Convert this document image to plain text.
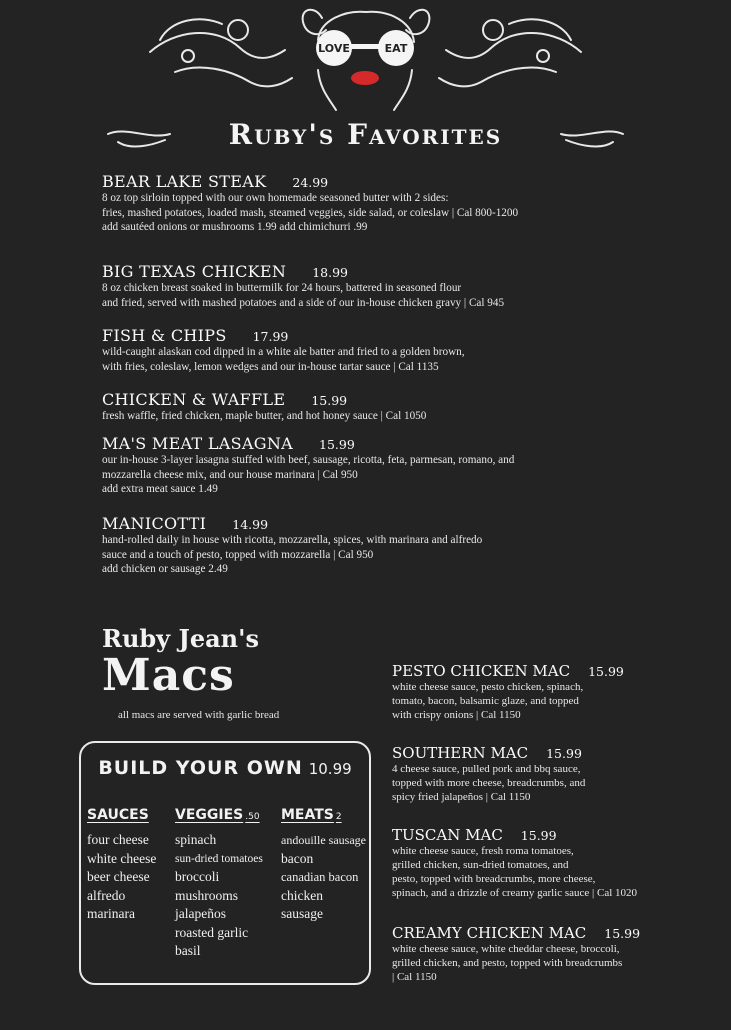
LOVE	EAT
Ruby's Favorites
BEAR LAKE STEAK 24.99
8 oz top sirloin topped with our own homemade seasoned butter with 2 sides:
fries, mashed potatoes, loaded mash, steamed veggies, side salad, or coleslaw | Cal 800-1200
add sautéed onions or mushrooms 1.99 add chimichurri .99
BIG TEXAS CHICKEN 18.99
8 oz chicken breast soaked in buttermilk for 24 hours, battered in seasoned flour
and fried, served with mashed potatoes and a side of our in-house chicken gravy | Cal 945
FISH & CHIPS 17.99
wild-caught alaskan cod dipped in a white ale batter and fried to a golden brown,
with fries, coleslaw, lemon wedges and our in-house tartar sauce | Cal 1135
CHICKEN & WAFFLE 15.99
fresh waffle, fried chicken, maple butter, and hot honey sauce | Cal 1050
MA'S MEAT LASAGNA 15.99
our in-house 3-layer lasagna stuffed with beef, sausage, ricotta, feta, parmesan, romano, and
mozzarella cheese mix, and our house marinara | Cal 950
add extra meat sauce 1.49
MANICOTTI 14.99
hand-rolled daily in house with ricotta, mozzarella, spices, with marinara and alfredo
sauce and a touch of pesto, topped with mozzarella | Cal 950
add chicken or sausage 2.49
Ruby Jean's
Macs
all macs are served with garlic bread
PESTO CHICKEN MAC 15.99
white cheese sauce, pesto chicken, spinach,
tomato, bacon, balsamic glaze, and topped
with crispy onions | Cal 1150
SOUTHERN MAC 15.99
4 cheese sauce, pulled pork and bbq sauce,
topped with more cheese, breadcrumbs, and
spicy fried jalapeños | Cal 1150
TUSCAN MAC 15.99
white cheese sauce, fresh roma tomatoes,
grilled chicken, sun-dried tomatoes, and
pesto, topped with breadcrumbs, more cheese,
spinach, and a drizzle of creamy garlic sauce | Cal 1020
CREAMY CHICKEN MAC 15.99
white cheese sauce, white cheddar cheese, broccoli,
grilled chicken, and pesto, topped with breadcrumbs
| Cal 1150
BUILD YOUR OWN 10.99
SAUCES
four cheese
white cheese
beer cheese
alfredo
marinara
VEGGIES .50
spinach
sun-dried tomatoes
broccoli
mushrooms
jalapeños
roasted garlic
basil
MEATS 2
andouille sausage
bacon
canadian bacon
chicken
sausage
